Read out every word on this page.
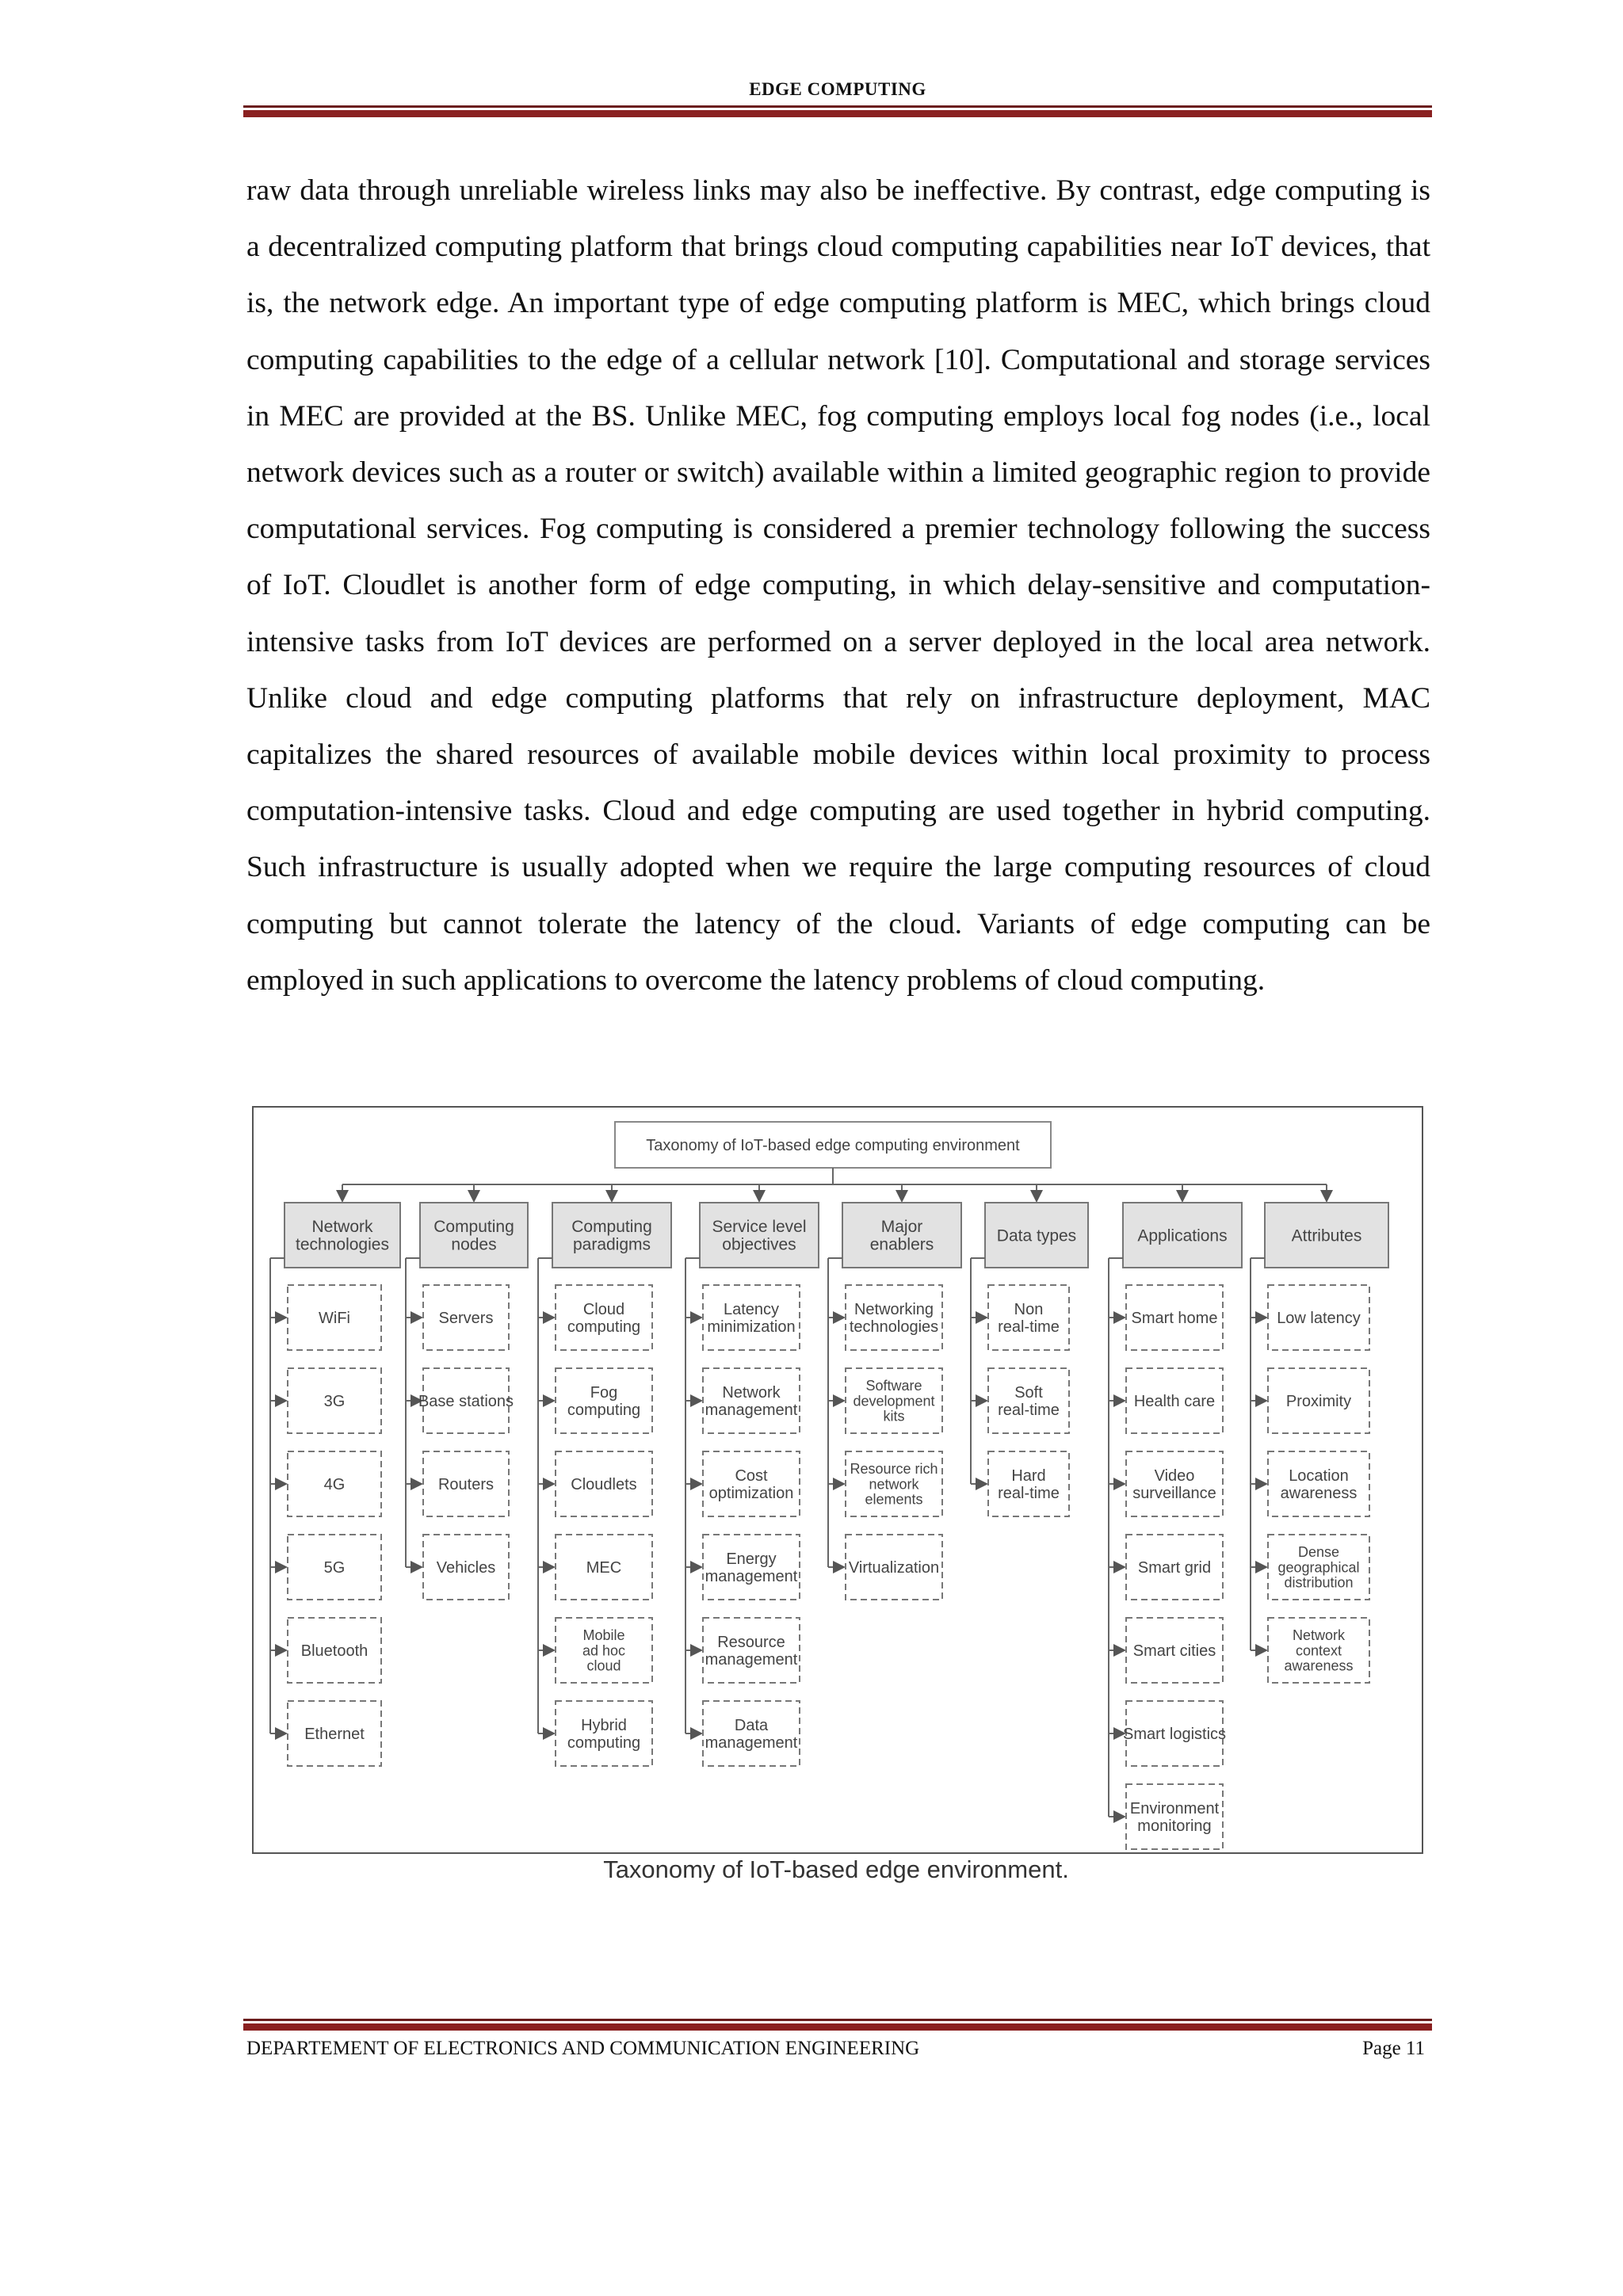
EDGE COMPUTING
raw data through unreliable wireless links may also be ineffective. By contrast, edge computing is a decentralized computing platform that brings cloud computing capabilities near IoT devices, that is, the network edge. An important type of edge computing platform is MEC, which brings cloud computing capabilities to the edge of a cellular network [10]. Computational and storage services in MEC are provided at the BS. Unlike MEC, fog computing employs local fog nodes (i.e., local network devices such as a router or switch) available within a limited geographic region to provide computational services. Fog computing is considered a premier technology following the success of IoT. Cloudlet is another form of edge computing, in which delay-sensitive and computation-intensive tasks from IoT devices are performed on a server deployed in the local area network. Unlike cloud and edge computing platforms that rely on infrastructure deployment, MAC capitalizes the shared resources of available mobile devices within local proximity to process computation-intensive tasks. Cloud and edge computing are used together in hybrid computing. Such infrastructure is usually adopted when we require the large computing resources of cloud computing but cannot tolerate the latency of the cloud. Variants of edge computing can be employed in such applications to overcome the latency problems of cloud computing.
Taxonomy of IoT-based edge computing environment
Network
technologies
WiFi
3G
4G
5G
Bluetooth
Ethernet
Computing
nodes
Servers
Base stations
Routers
Vehicles
Computing
paradigms
Cloud
computing
Fog
computing
Cloudlets
MEC
Mobile
ad hoc
cloud
Hybrid
computing
Service level
objectives
Latency
minimization
Network
management
Cost
optimization
Energy
management
Resource
management
Data
management
Major
enablers
Networking
technologies
Software
development
kits
Resource rich
network
elements
Virtualization
Data types
Non
real-time
Soft
real-time
Hard
real-time
Applications
Smart home
Health care
Video
surveillance
Smart grid
Smart cities
Smart logistics
Environment
monitoring
Attributes
Low latency
Proximity
Location
awareness
Dense
geographical
distribution
Network
context
awareness
Taxonomy of IoT-based edge environment.
DEPARTEMENT OF ELECTRONICS AND COMMUNICATION ENGINEERING	Page 11
